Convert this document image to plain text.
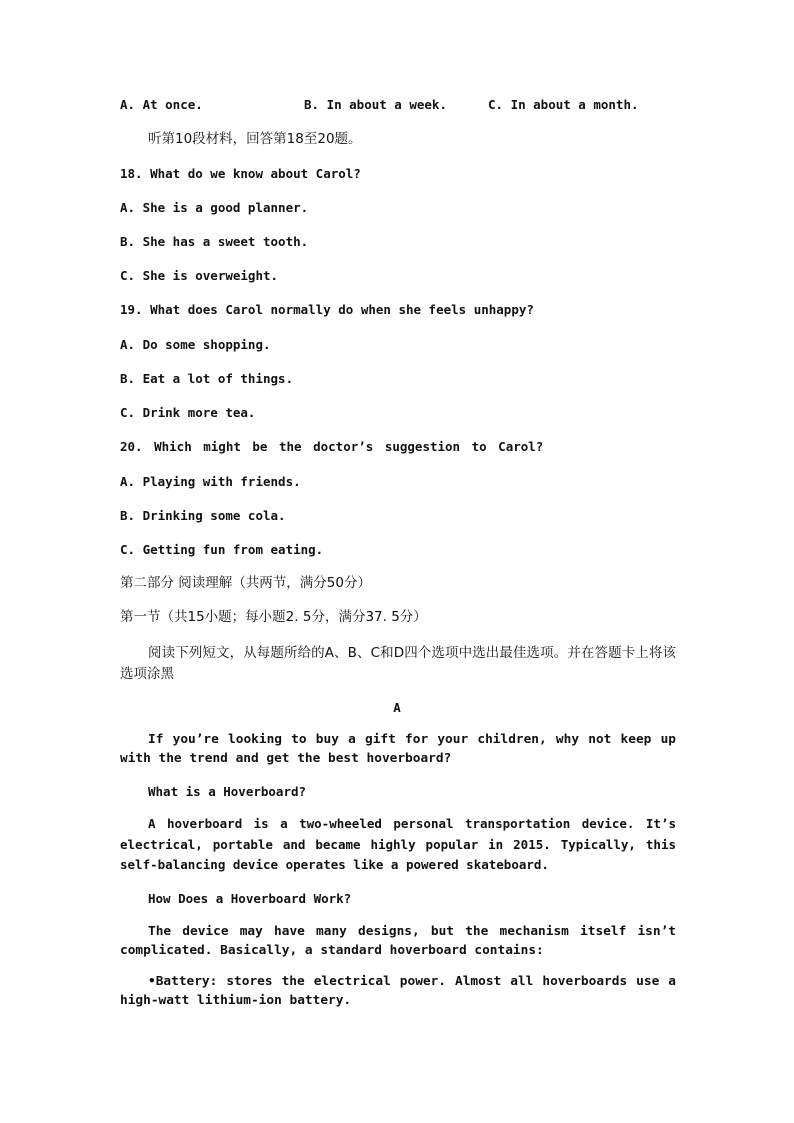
A. At once.	B. In about a week.	C. In about a month.
听第10段材料，回答第18至20题。
18. What do we know about Carol?
A. She is a good planner.
B. She has a sweet tooth.
C. She is overweight.
19. What does Carol normally do when she feels unhappy?
A. Do some shopping.
B. Eat a lot of things.
C. Drink more tea.
20. Which might be the doctor’s suggestion to Carol?
A. Playing with friends.
B. Drinking some cola.
C. Getting fun from eating.
第二部分 阅读理解（共两节，满分50分）
第一节（共15小题；每小题2. 5分，满分37. 5分）
阅读下列短文，从每题所给的A、B、C和D四个选项中选出最佳选项。并在答题卡上将该选项涂黑
A
If you’re looking to buy a gift for your children, why not keep up with the trend and get the best hoverboard?
What is a Hoverboard?
A hoverboard is a two-wheeled personal transportation device. It’s electrical, portable and became highly popular in 2015. Typically, this self-balancing device operates like a powered skateboard.
How Does a Hoverboard Work?
The device may have many designs, but the mechanism itself isn’t complicated. Basically, a standard hoverboard contains:
•Battery: stores the electrical power. Almost all hoverboards use a high-watt lithium-ion battery.
